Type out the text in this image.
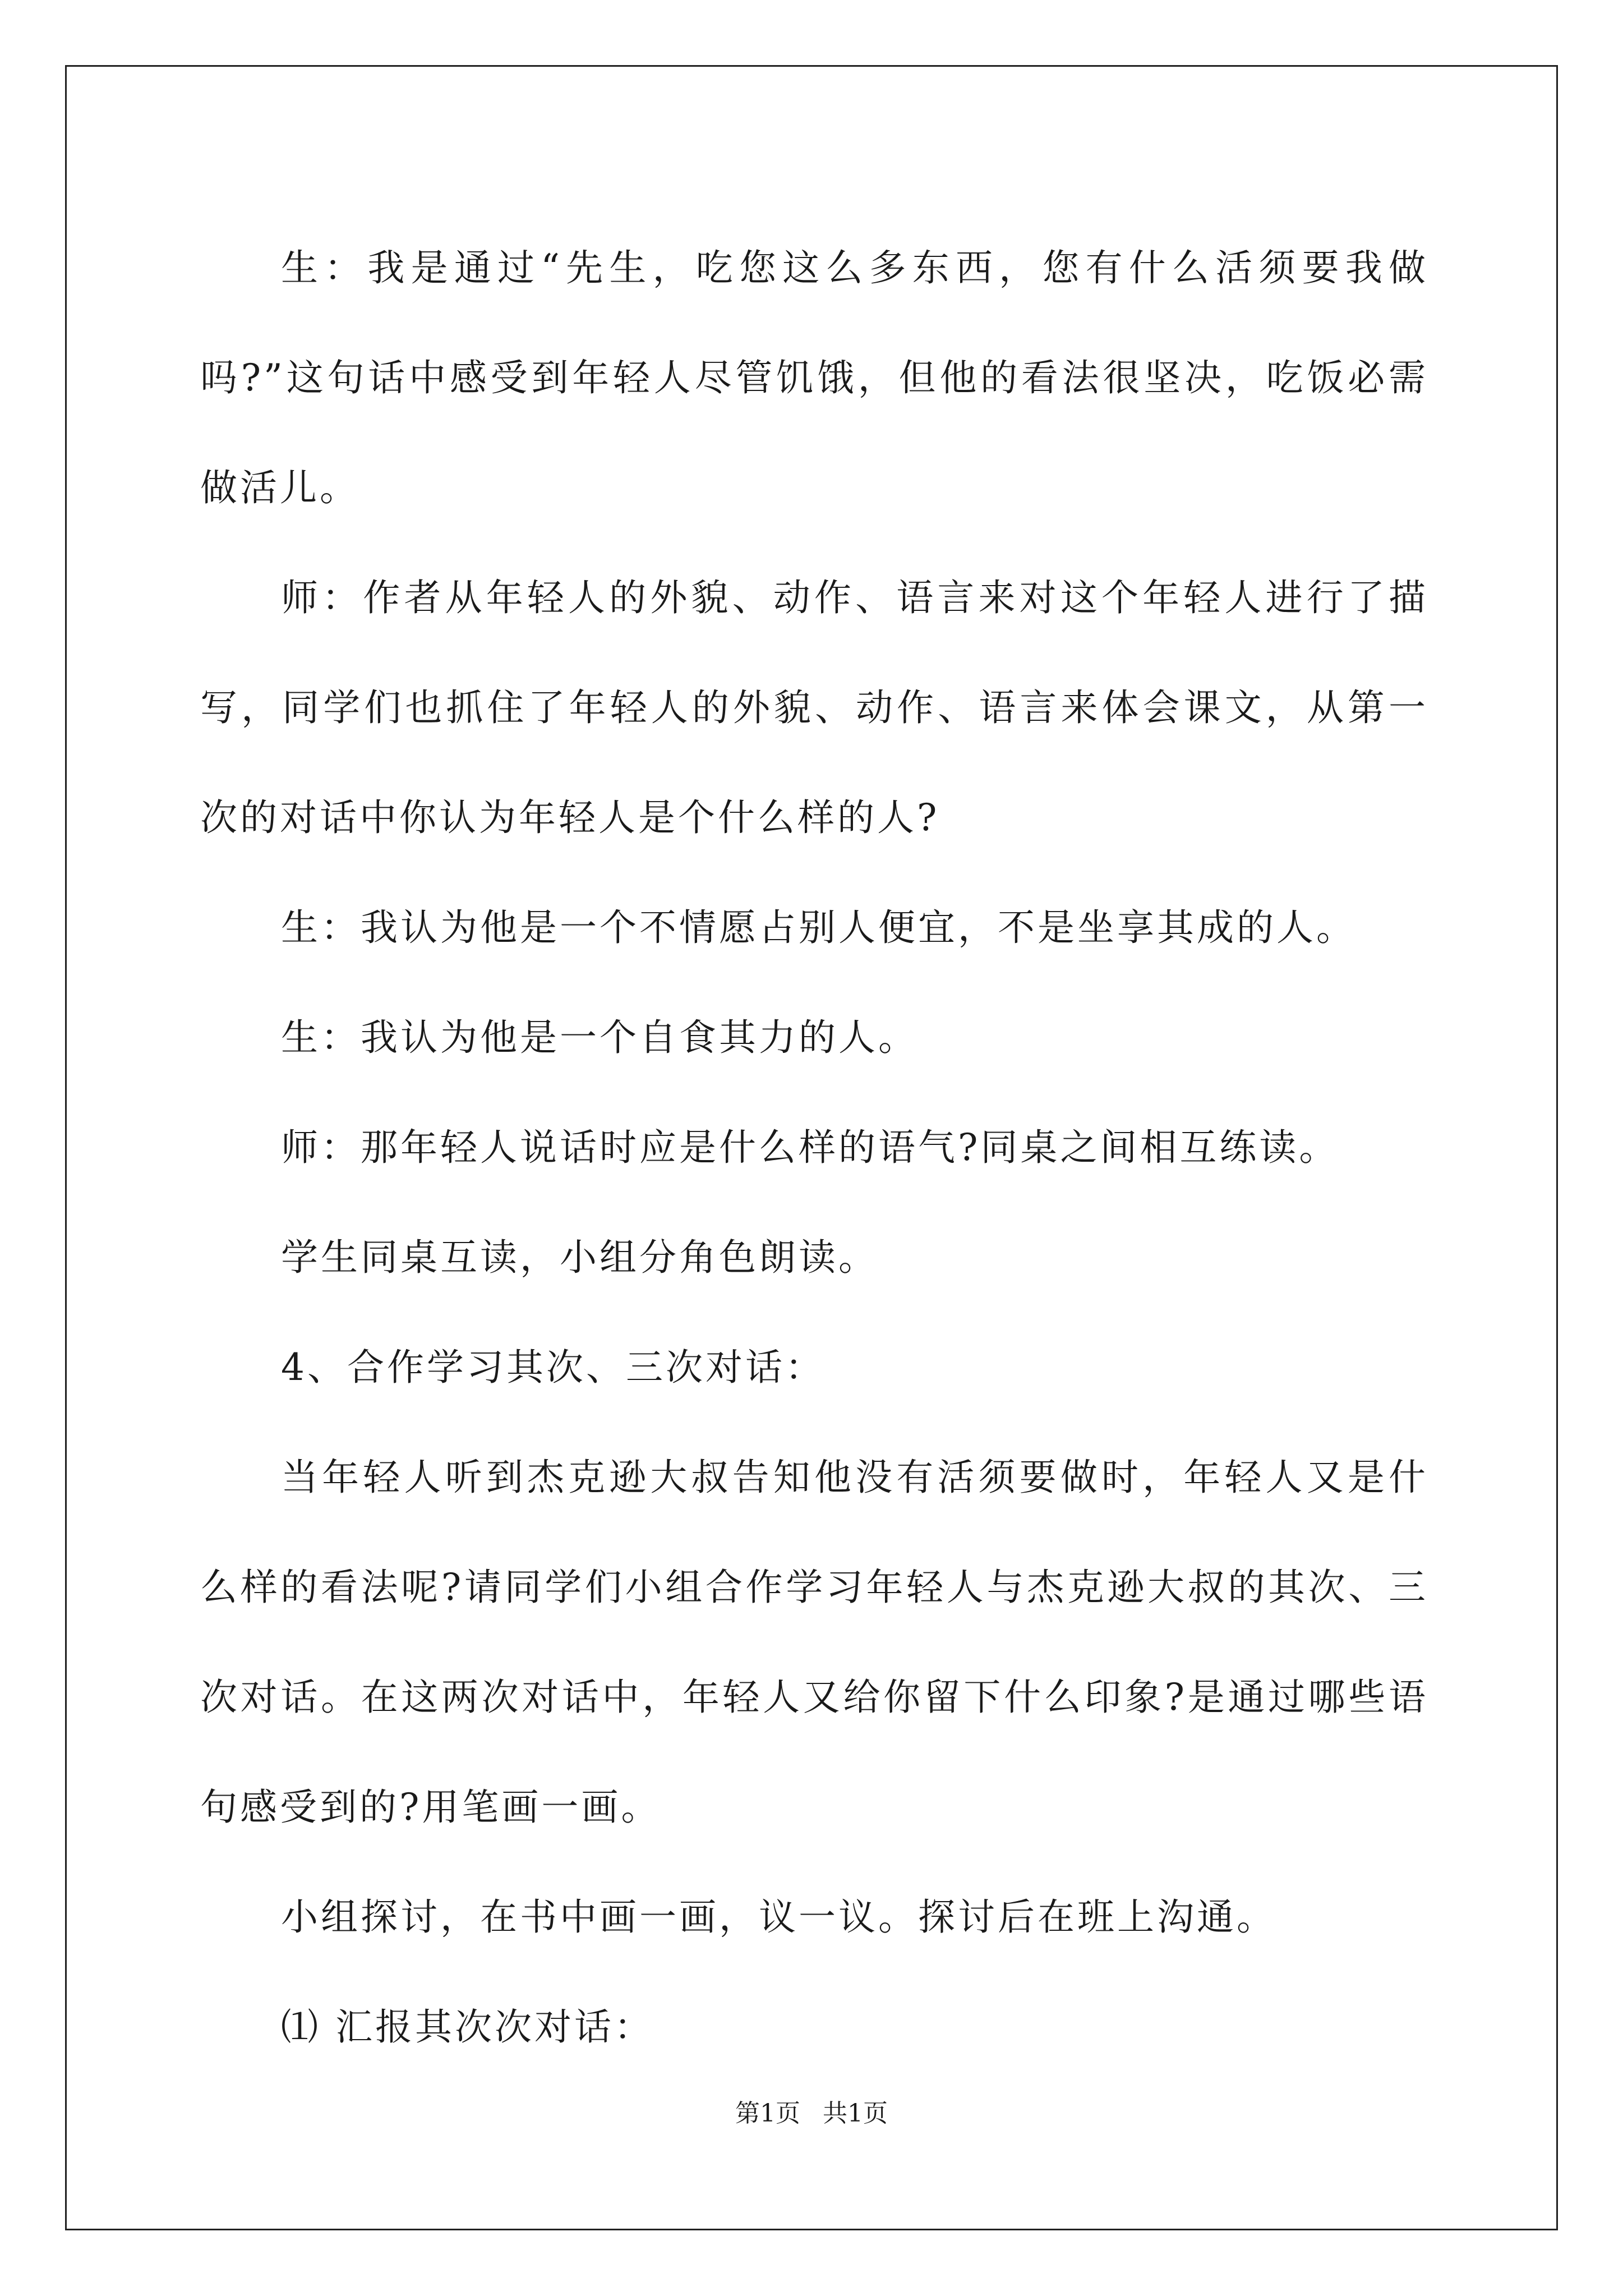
生：我是通过“先生，吃您这么多东西，您有什么活须要我做吗?”这句话中感受到年轻人尽管饥饿，但他的看法很坚决，吃饭必需做活儿。

师：作者从年轻人的外貌、动作、语言来对这个年轻人进行了描写，同学们也抓住了年轻人的外貌、动作、语言来体会课文，从第一次的对话中你认为年轻人是个什么样的人?

生：我认为他是一个不情愿占别人便宜，不是坐享其成的人。

生：我认为他是一个自食其力的人。

师：那年轻人说话时应是什么样的语气?同桌之间相互练读。

学生同桌互读，小组分角色朗读。

4、合作学习其次、三次对话：

当年轻人听到杰克逊大叔告知他没有活须要做时，年轻人又是什么样的看法呢?请同学们小组合作学习年轻人与杰克逊大叔的其次、三次对话。在这两次对话中，年轻人又给你留下什么印象?是通过哪些语句感受到的?用笔画一画。

小组探讨，在书中画一画，议一议。探讨后在班上沟通。

⑴ 汇报其次次对话：

第1页 共1页
